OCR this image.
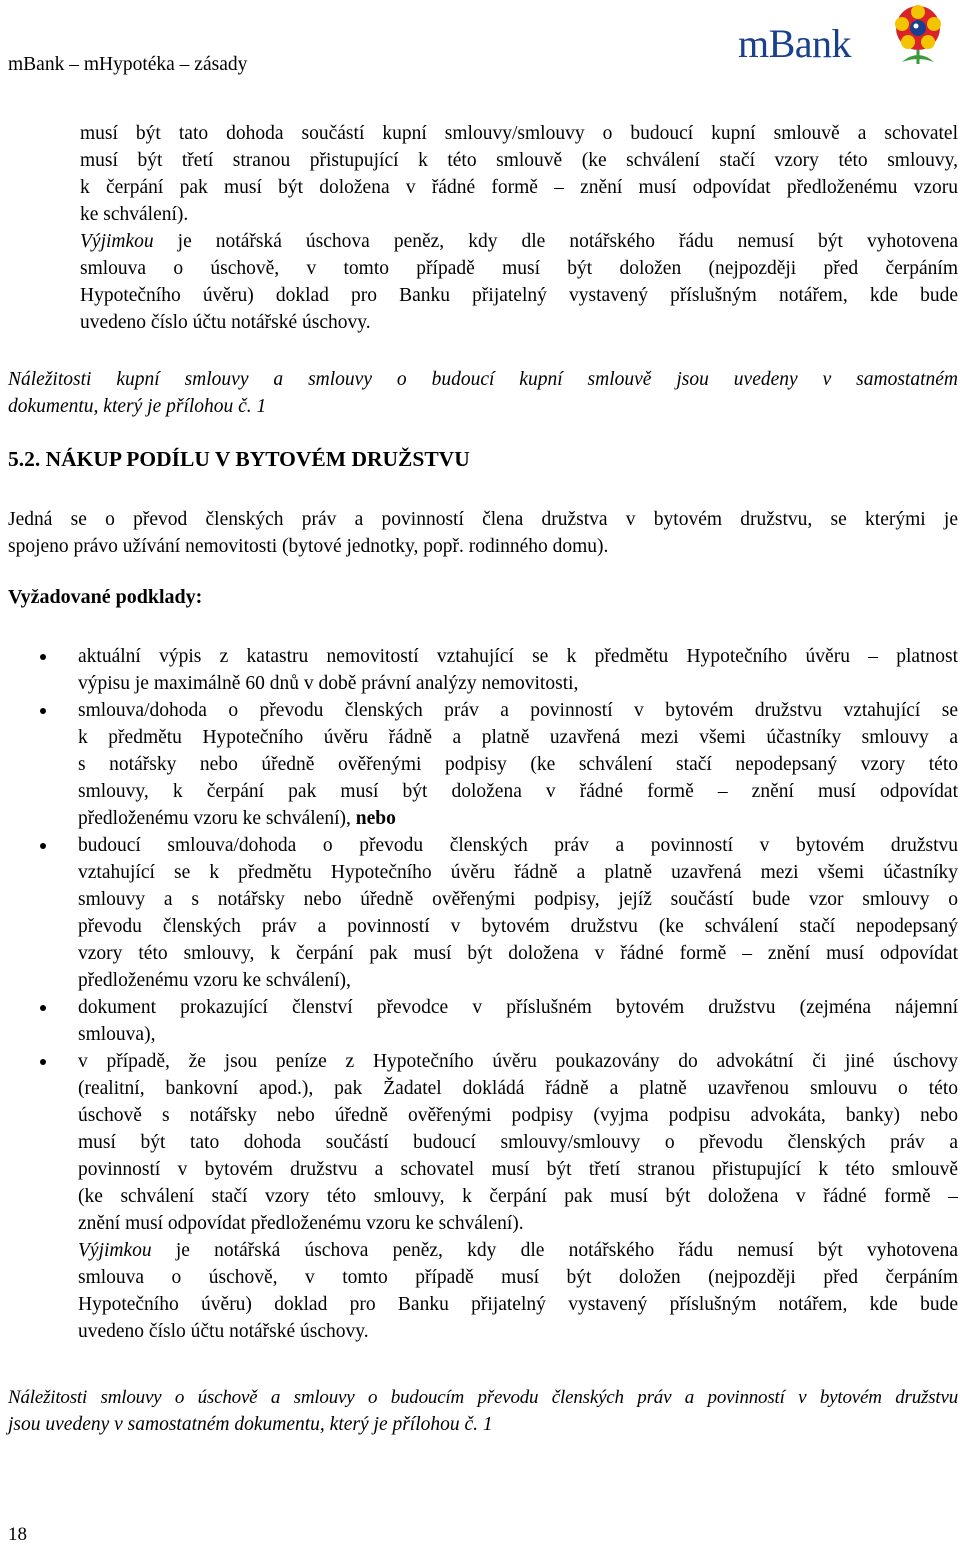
mBank – mHypotéka – zásady	mBank
musí být tato dohoda součástí kupní smlouvy/smlouvy o budoucí kupní smlouvě a schovatel
musí být třetí stranou přistupující k této smlouvě (ke schválení stačí vzory této smlouvy,
k čerpání pak musí být doložena v řádné formě – znění musí odpovídat předloženému vzoru
ke schválení).
Výjimkou je notářská úschova peněz, kdy dle notářského řádu nemusí být vyhotovena
smlouva o úschově, v tomto případě musí být doložen (nejpozději před čerpáním
Hypotečního úvěru) doklad pro Banku přijatelný vystavený příslušným notářem, kde bude
uvedeno číslo účtu notářské úschovy.
Náležitosti kupní smlouvy a smlouvy o budoucí kupní smlouvě jsou uvedeny v samostatném
dokumentu, který je přílohou č. 1
5.2. NÁKUP PODÍLU V BYTOVÉM DRUŽSTVU
Jedná se o převod členských práv a povinností člena družstva v bytovém družstvu, se kterými je
spojeno právo užívání nemovitosti (bytové jednotky, popř. rodinného domu).
Vyžadované podklady:
aktuální výpis z katastru nemovitostí vztahující se k předmětu Hypotečního úvěru – platnost
výpisu je maximálně 60 dnů v době právní analýzy nemovitosti,
smlouva/dohoda o převodu členských práv a povinností v bytovém družstvu vztahující se
k předmětu Hypotečního úvěru řádně a platně uzavřená mezi všemi účastníky smlouvy a
s notářsky nebo úředně ověřenými podpisy (ke schválení stačí nepodepsaný vzory této
smlouvy, k čerpání pak musí být doložena v řádné formě – znění musí odpovídat
předloženému vzoru ke schválení), nebo
budoucí smlouva/dohoda o převodu členských práv a povinností v bytovém družstvu
vztahující se k předmětu Hypotečního úvěru řádně a platně uzavřená mezi všemi účastníky
smlouvy a s notářsky nebo úředně ověřenými podpisy, jejíž součástí bude vzor smlouvy o
převodu členských práv a povinností v bytovém družstvu (ke schválení stačí nepodepsaný
vzory této smlouvy, k čerpání pak musí být doložena v řádné formě – znění musí odpovídat
předloženému vzoru ke schválení),
dokument prokazující členství převodce v příslušném bytovém družstvu (zejména nájemní
smlouva),
v případě, že jsou peníze z Hypotečního úvěru poukazovány do advokátní či jiné úschovy
(realitní, bankovní apod.), pak Žadatel dokládá řádně a platně uzavřenou smlouvu o této
úschově s notářsky nebo úředně ověřenými podpisy (vyjma podpisu advokáta, banky) nebo
musí být tato dohoda součástí budoucí smlouvy/smlouvy o převodu členských práv a
povinností v bytovém družstvu a schovatel musí být třetí stranou přistupující k této smlouvě
(ke schválení stačí vzory této smlouvy, k čerpání pak musí být doložena v řádné formě –
znění musí odpovídat předloženému vzoru ke schválení).
Výjimkou je notářská úschova peněz, kdy dle notářského řádu nemusí být vyhotovena
smlouva o úschově, v tomto případě musí být doložen (nejpozději před čerpáním
Hypotečního úvěru) doklad pro Banku přijatelný vystavený příslušným notářem, kde bude
uvedeno číslo účtu notářské úschovy.
Náležitosti smlouvy o úschově a smlouvy o budoucím převodu členských práv a povinností v bytovém družstvu
jsou uvedeny v samostatném dokumentu, který je přílohou č. 1
18
